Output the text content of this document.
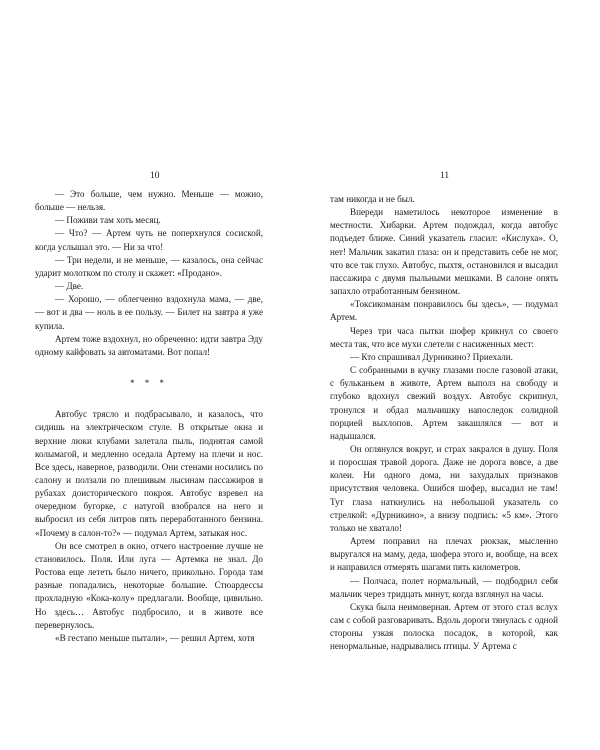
10

— Это больше, чем нужно. Меньше — можно, больше — нельзя.

— Поживи там хоть месяц.

— Что? — Артем чуть не поперхнулся сосиской, когда услышал это. — Ни за что!

— Три недели, и не меньше, — казалось, она сейчас ударит молотком по столу и скажет: «Продано».

— Две.

— Хорошо, — облегченно вздохнула мама, — две, — вот и два — ноль в ее пользу. — Билет на завтра я уже купила.

Артем тоже вздохнул, но обреченно: идти завтра Эду одному кайфовать за автоматами. Вот попал!

* * *

Автобус трясло и подбрасывало, и казалось, что сидишь на электрическом стуле. В открытые окна и верхние люки клубами залетала пыль, поднятая самой колымагой, и медленно оседала Артему на плечи и нос. Все здесь, наверное, разводили. Они стенами носились по салону и ползали по плешивым лысинам пассажиров в рубахах доисторического покроя. Автобус взревел на очередном бугорке, с натугой взобрался на него и выбросил из себя литров пять переработанного бензина. «Почему в салон-то?» — подумал Артем, затыкая нос.

Он все смотрел в окно, отчего настроение лучше не становилось. Поля. Или луга — Артемка не знал. До Ростова еще лететь было ничего, прикольно. Города там разные попадались, некоторые большие. Стюардессы прохладную «Кока-колу» предлагали. Вообще, цивильно. Но здесь… Автобус подбросило, и в животе все перевернулось.

«В гестапо меньше пытали», — решил Артем, хотя

11

там никогда и не был.

Впереди наметилось некоторое изменение в местности. Хибарки. Артем подождал, когда автобус подъедет ближе. Синий указатель гласил: «Кислуха». О, нет! Мальчик закатил глаза: он и представить себе не мог, что все так глухо. Автобус, пыхтя, остановился и высадил пассажира с двумя пыльными мешками. В салоне опять запахло отработанным бензином.

«Токсикоманам понравилось бы здесь», — подумал Артем.

Через три часа пытки шофер крикнул со своего места так, что все мухи слетели с насиженных мест:

— Кто спрашивал Дурникино? Приехали.

С собранными в кучку глазами после газовой атаки, с бульканьем в животе, Артем выполз на свободу и глубоко вдохнул свежий воздух. Автобус скрипнул, тронулся и обдал мальчишку напоследок солидной порцией выхлопов. Артем закашлялся — вот и надышался.

Он оглянулся вокруг, и страх закрался в душу. Поля и поросшая травой дорога. Даже не дорога вовсе, а две колеи. Ни одного дома, ни захудалых признаков присутствия человека. Ошибся шофер, высадил не там! Тут глаза наткнулись на небольшой указатель со стрелкой: «Дурникино», а внизу подпись: «5 км». Этого только не хватало!

Артем поправил на плечах рюкзак, мысленно выругался на маму, деда, шофера этого и, вообще, на всех и направился отмерять шагами пять километров.

— Полчаса, полет нормальный, — подбодрил себя мальчик через тридцать минут, когда взглянул на часы.

Скука была неимоверная. Артем от этого стал вслух сам с собой разговаривать. Вдоль дороги тянулась с одной стороны узкая полоска посадок, в которой, как ненормальные, надрывались птицы. У Артема с
